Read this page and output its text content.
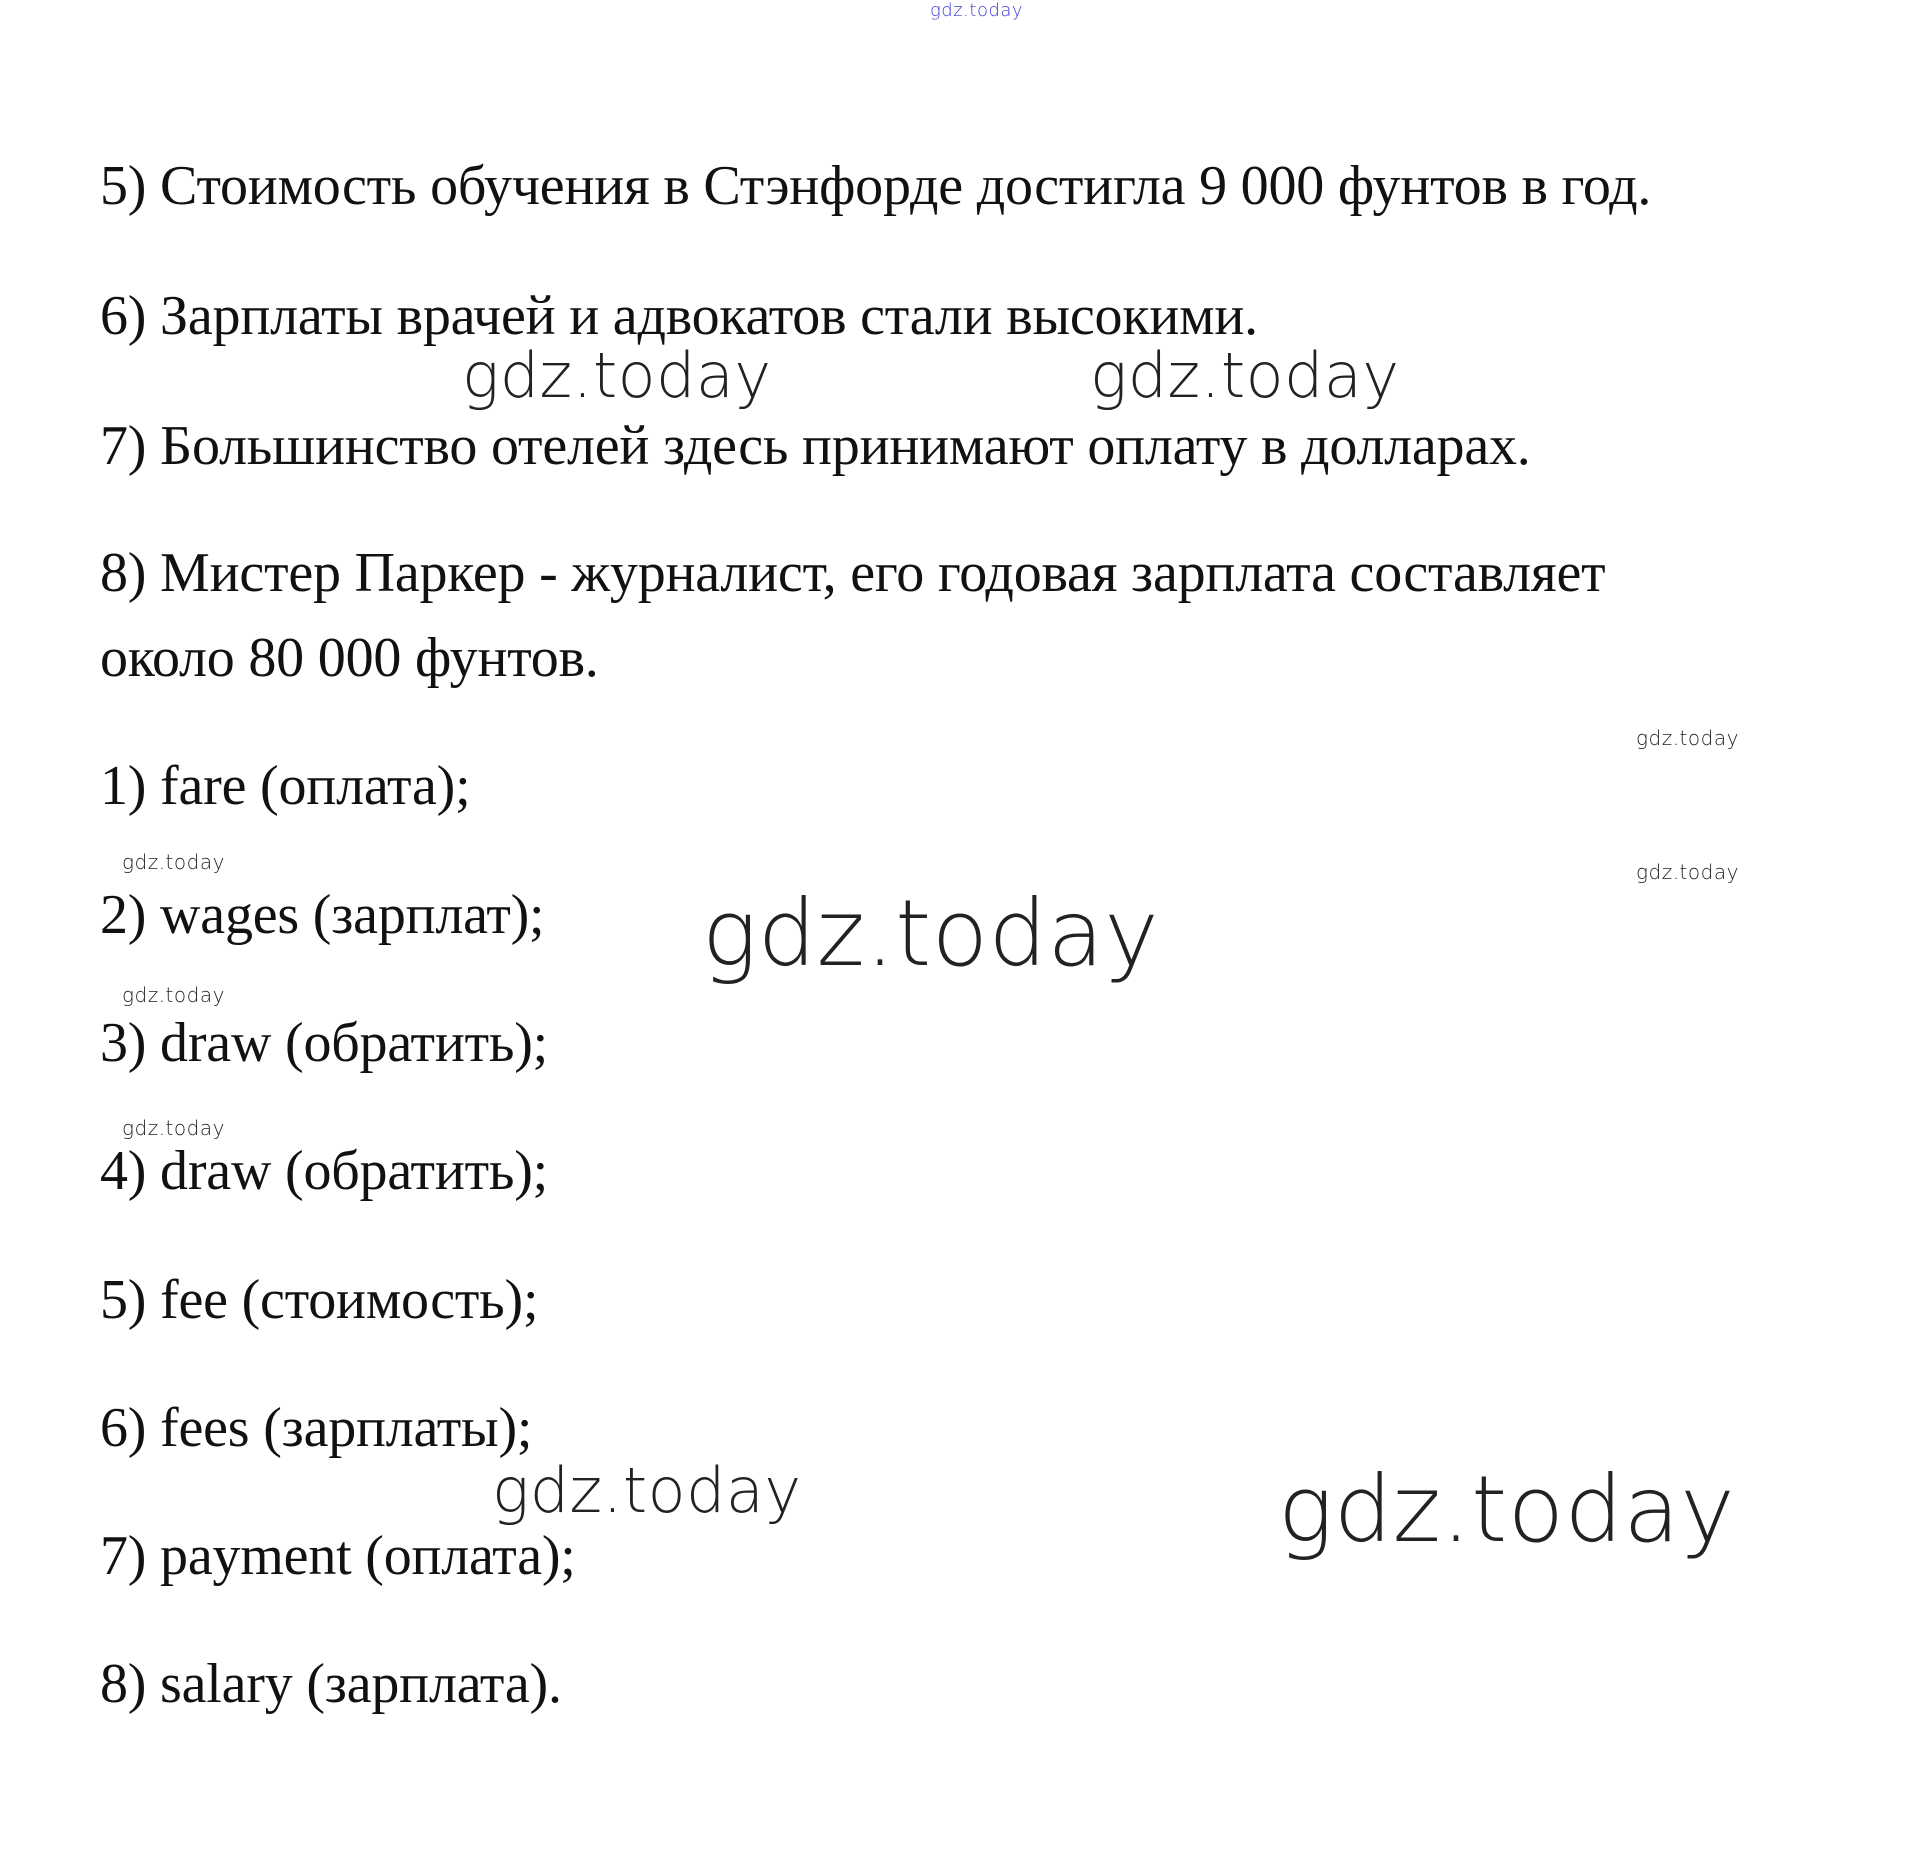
gdz.today
gdz.today	gdz.today
gdz.today
gdz.today	gdz.today
gdz.today
gdz.today
gdz.today
gdz.today	gdz.today
5) Стоимость обучения в Стэнфорде достигла 9 000 фунтов в год.
6) Зарплаты врачей и адвокатов стали высокими.
7) Большинство отелей здесь принимают оплату в долларах.
8) Мистер Паркер - журналист, его годовая зарплата составляет
около 80 000 фунтов.
1) fare (оплата);
2) wages (зарплат);
3) draw (обратить);
4) draw (обратить);
5) fee (стоимость);
6) fees (зарплаты);
7) payment (оплата);
8) salary (зарплата).
